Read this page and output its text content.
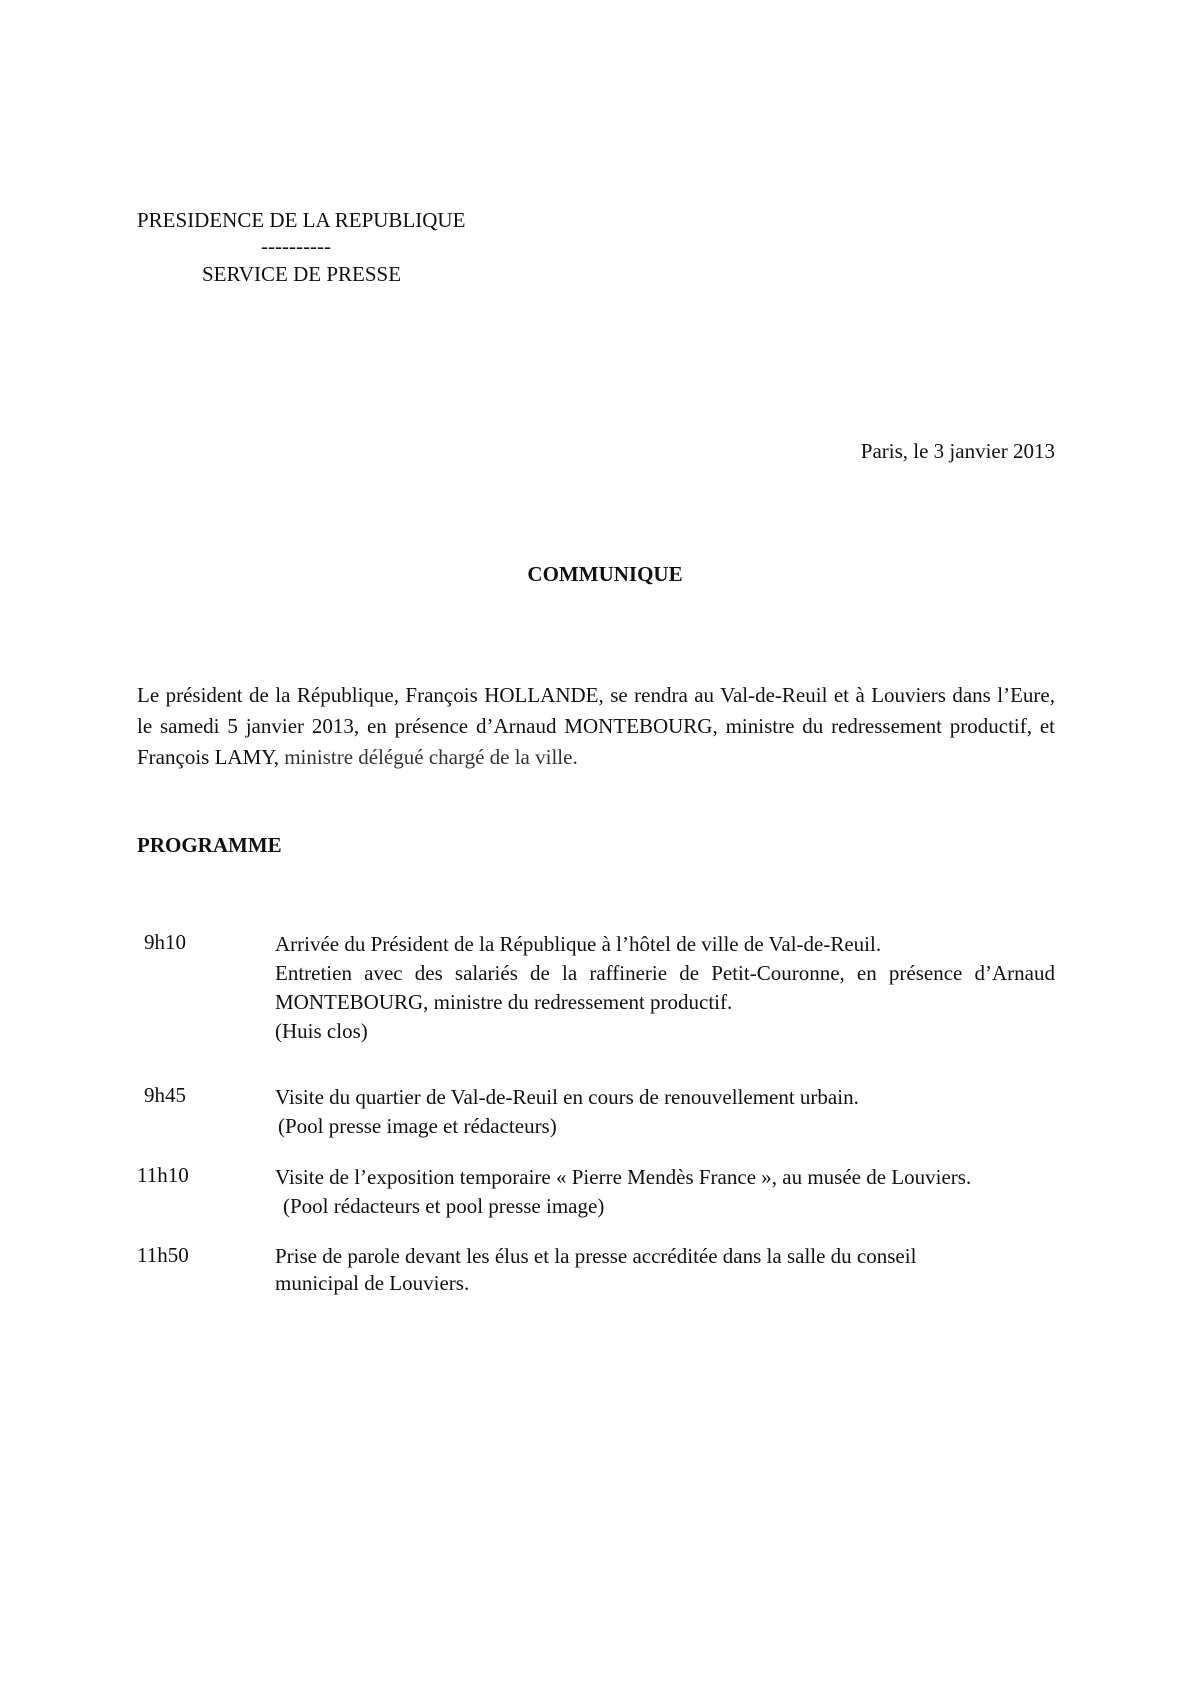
PRESIDENCE DE LA REPUBLIQUE
----------
SERVICE DE PRESSE
Paris, le 3 janvier 2013
COMMUNIQUE
Le président de la République, François HOLLANDE, se rendra au Val-de-Reuil et à Louviers dans l’Eure, le samedi 5 janvier 2013, en présence d’Arnaud MONTEBOURG, ministre du redressement productif, et François LAMY, ministre délégué chargé de la ville.
PROGRAMME
9h10	Arrivée du Président de la République à l’hôtel de ville de Val-de-Reuil.

Entretien avec des salariés de la raffinerie de Petit-Couronne, en présence d’Arnaud MONTEBOURG, ministre du redressement productif.

(Huis clos)

9h45	Visite du quartier de Val-de-Reuil en cours de renouvellement urbain.

(Pool presse image et rédacteurs)

11h10	Visite de l’exposition temporaire « Pierre Mendès France », au musée de Louviers.

(Pool rédacteurs et pool presse image)

11h50	Prise de parole devant les élus et la presse accréditée dans la salle du conseil municipal de Louviers.
